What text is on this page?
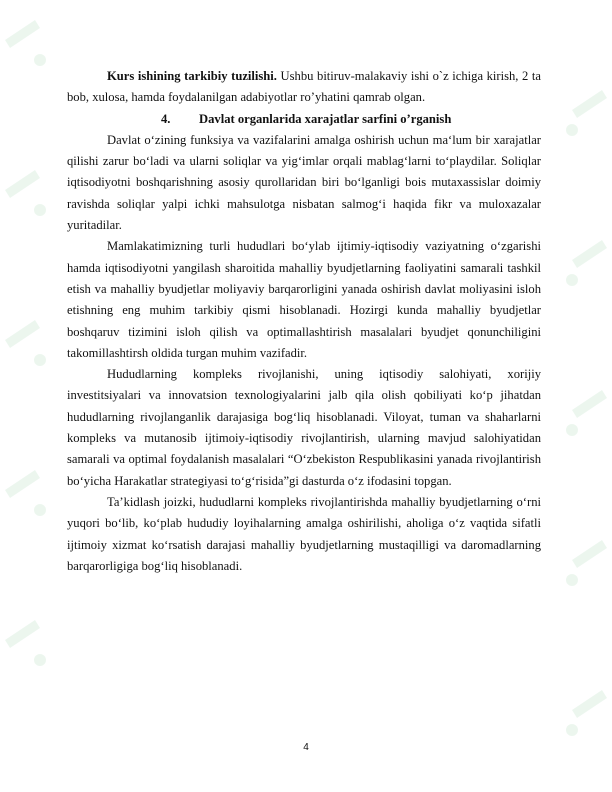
Kurs ishining tarkibiy tuzilishi. Ushbu bitiruv-malakaviy ishi o`z ichiga kirish, 2 ta bob, xulosa, hamda foydalanilgan adabiyotlar ro’yhatini qamrab olgan.

4. Davlat organlarida xarajatlar sarfini o’rganish

Davlat o‘zining funksiya va vazifalarini amalga oshirish uchun ma‘lum bir xarajatlar qilishi zarur bo‘ladi va ularni soliqlar va yig‘imlar orqali mablag‘larni to‘playdilar. Soliqlar iqtisodiyotni boshqarishning asosiy qurollaridan biri bo‘lganligi bois mutaxassislar doimiy ravishda soliqlar yalpi ichki mahsulotga nisbatan salmog‘i haqida fikr va muloxazalar yuritadilar.

Mamlakatimizning turli hududlari bo‘ylab ijtimiy-iqtisodiy vaziyatning o‘zgarishi hamda iqtisodiyotni yangilash sharoitida mahalliy byudjetlarning faoliyatini samarali tashkil etish va mahalliy byudjetlar moliyaviy barqarorligini yanada oshirish davlat moliyasini isloh etishning eng muhim tarkibiy qismi hisoblanadi. Hozirgi kunda mahalliy byudjetlar boshqaruv tizimini isloh qilish va optimallashtirish masalalari byudjet qonunchiligini takomillashtirsh oldida turgan muhim vazifadir.

Hududlarning kompleks rivojlanishi, uning iqtisodiy salohiyati, xorijiy investitsiyalari va innovatsion texnologiyalarini jalb qila olish qobiliyati ko‘p jihatdan hududlarning rivojlanganlik darajasiga bog‘liq hisoblanadi. Viloyat, tuman va shaharlarni kompleks va mutanosib ijtimoiy-iqtisodiy rivojlantirish, ularning mavjud salohiyatidan samarali va optimal foydalanish masalalari “O‘zbekiston Respublikasini yanada rivojlantirish bo‘yicha Harakatlar strategiyasi to‘g‘risida”gi dasturda o‘z ifodasini topgan.

Ta’kidlash joizki, hududlarni kompleks rivojlantirishda mahalliy byudjetlarning o‘rni yuqori bo‘lib, ko‘plab hududiy loyihalarning amalga oshirilishi, aholiga o‘z vaqtida sifatli ijtimoiy xizmat ko‘rsatish darajasi mahalliy byudjetlarning mustaqilligi va daromadlarning barqarorligiga bog‘liq hisoblanadi.

4
